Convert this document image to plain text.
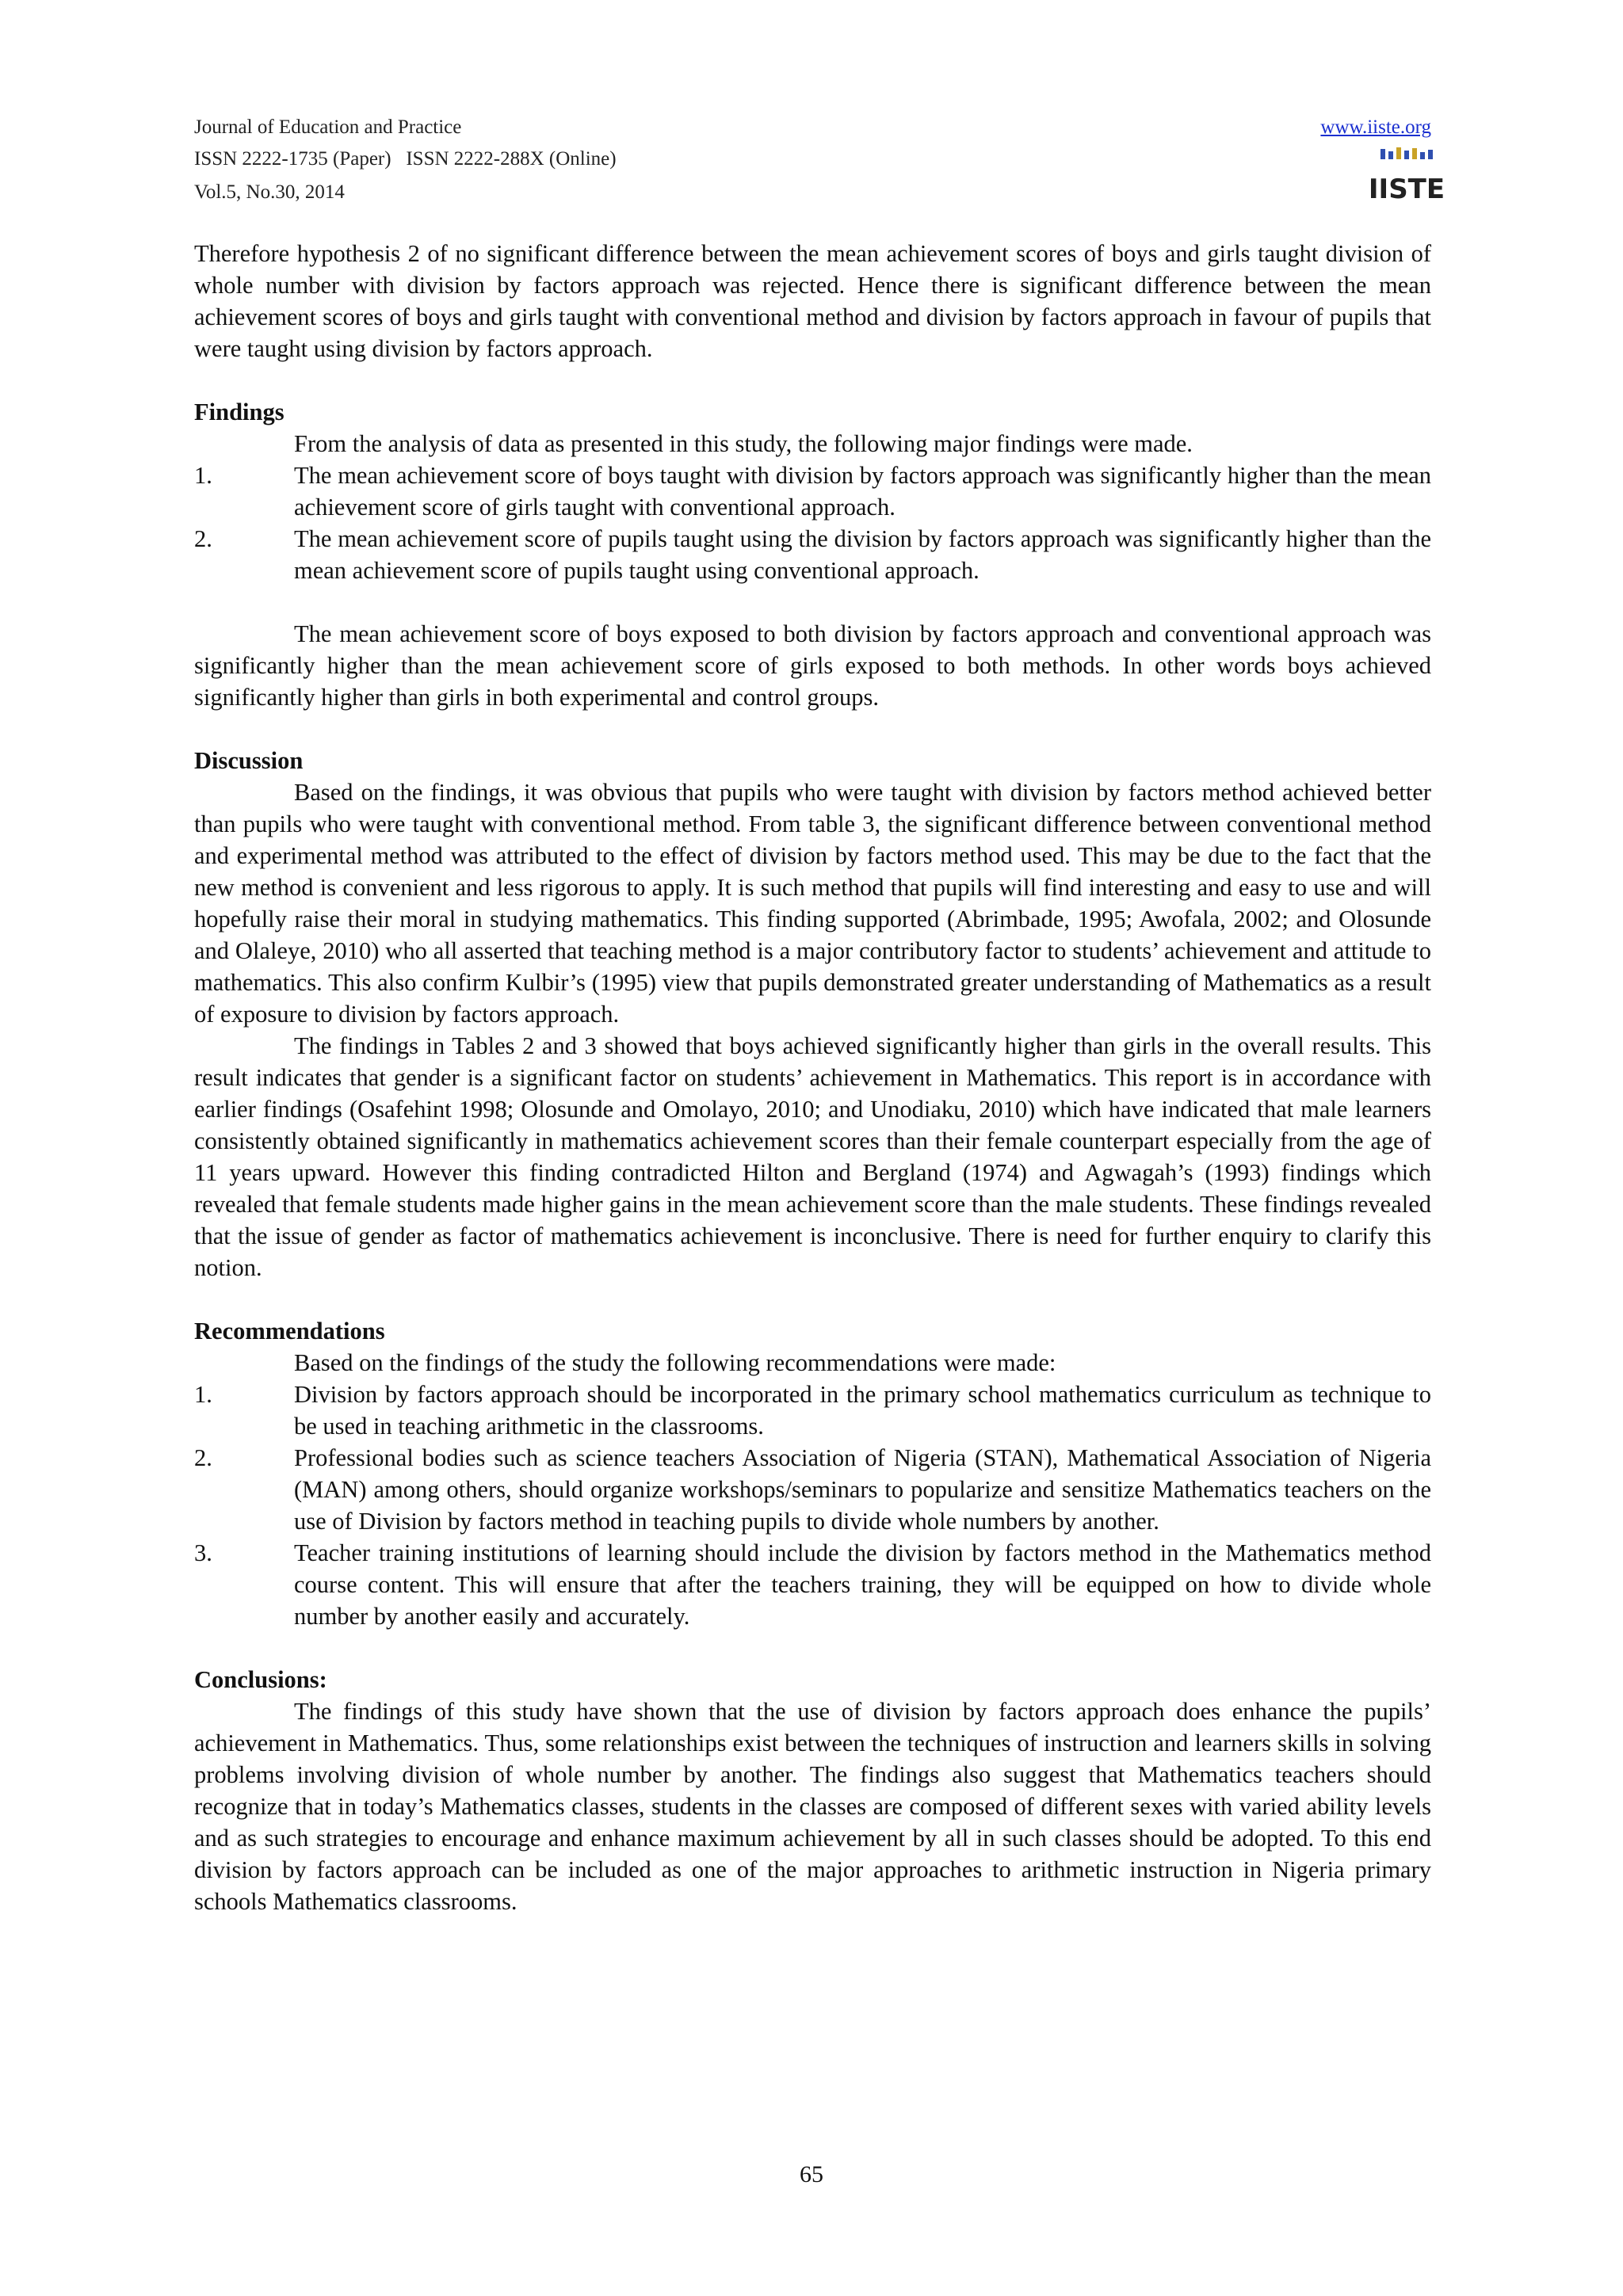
Journal of Education and Practice
ISSN 2222-1735 (Paper)   ISSN 2222-288X (Online)
Vol.5, No.30, 2014
www.iiste.org
IISTE

Therefore hypothesis 2 of no significant difference between the mean achievement scores of boys and girls taught division of whole number with division by factors approach was rejected. Hence there is significant difference between the mean achievement scores of boys and girls taught with conventional method and division by factors approach in favour of pupils that were taught using division by factors approach.

Findings

From the analysis of data as presented in this study, the following major findings were made.

1.	The mean achievement score of boys taught with division by factors approach was significantly higher than the mean achievement score of girls taught with conventional approach.
2.	The mean achievement score of pupils taught using the division by factors approach was significantly higher than the mean achievement score of pupils taught using conventional approach.

The mean achievement score of boys exposed to both division by factors approach and conventional approach was significantly higher than the mean achievement score of girls exposed to both methods. In other words boys achieved significantly higher than girls in both experimental and control groups.

Discussion

Based on the findings, it was obvious that pupils who were taught with division by factors method achieved better than pupils who were taught with conventional method. From table 3, the significant difference between conventional method and experimental method was attributed to the effect of division by factors method used. This may be due to the fact that the new method is convenient and less rigorous to apply. It is such method that pupils will find interesting and easy to use and will hopefully raise their moral in studying mathematics. This finding supported (Abrimbade, 1995; Awofala, 2002; and Olosunde and Olaleye, 2010) who all asserted that teaching method is a major contributory factor to students’ achievement and attitude to mathematics. This also confirm Kulbir’s (1995) view that pupils demonstrated greater understanding of Mathematics as a result of exposure to division by factors approach.

The findings in Tables 2 and 3 showed that boys achieved significantly higher than girls in the overall results. This result indicates that gender is a significant factor on students’ achievement in Mathematics. This report is in accordance with earlier findings (Osafehint 1998; Olosunde and Omolayo, 2010; and Unodiaku, 2010) which have indicated that male learners consistently obtained significantly in mathematics achievement scores than their female counterpart especially from the age of 11 years upward. However this finding contradicted Hilton and Bergland (1974) and Agwagah’s (1993) findings which revealed that female students made higher gains in the mean achievement score than the male students. These findings revealed that the issue of gender as factor of mathematics achievement is inconclusive. There is need for further enquiry to clarify this notion.

Recommendations

Based on the findings of the study the following recommendations were made:

1.	Division by factors approach should be incorporated in the primary school mathematics curriculum as technique to be used in teaching arithmetic in the classrooms.
2.	Professional bodies such as science teachers Association of Nigeria (STAN), Mathematical Association of Nigeria (MAN) among others, should organize workshops/seminars to popularize and sensitize Mathematics teachers on the use of Division by factors method in teaching pupils to divide whole numbers by another.
3.	Teacher training institutions of learning should include the division by factors method in the Mathematics method course content. This will ensure that after the teachers training, they will be equipped on how to divide whole number by another easily and accurately.

Conclusions:

The findings of this study have shown that the use of division by factors approach does enhance the pupils’ achievement in Mathematics. Thus, some relationships exist between the techniques of instruction and learners skills in solving problems involving division of whole number by another. The findings also suggest that Mathematics teachers should recognize that in today’s Mathematics classes, students in the classes are composed of different sexes with varied ability levels and as such strategies to encourage and enhance maximum achievement by all in such classes should be adopted. To this end division by factors approach can be included as one of the major approaches to arithmetic instruction in Nigeria primary schools Mathematics classrooms.

65
